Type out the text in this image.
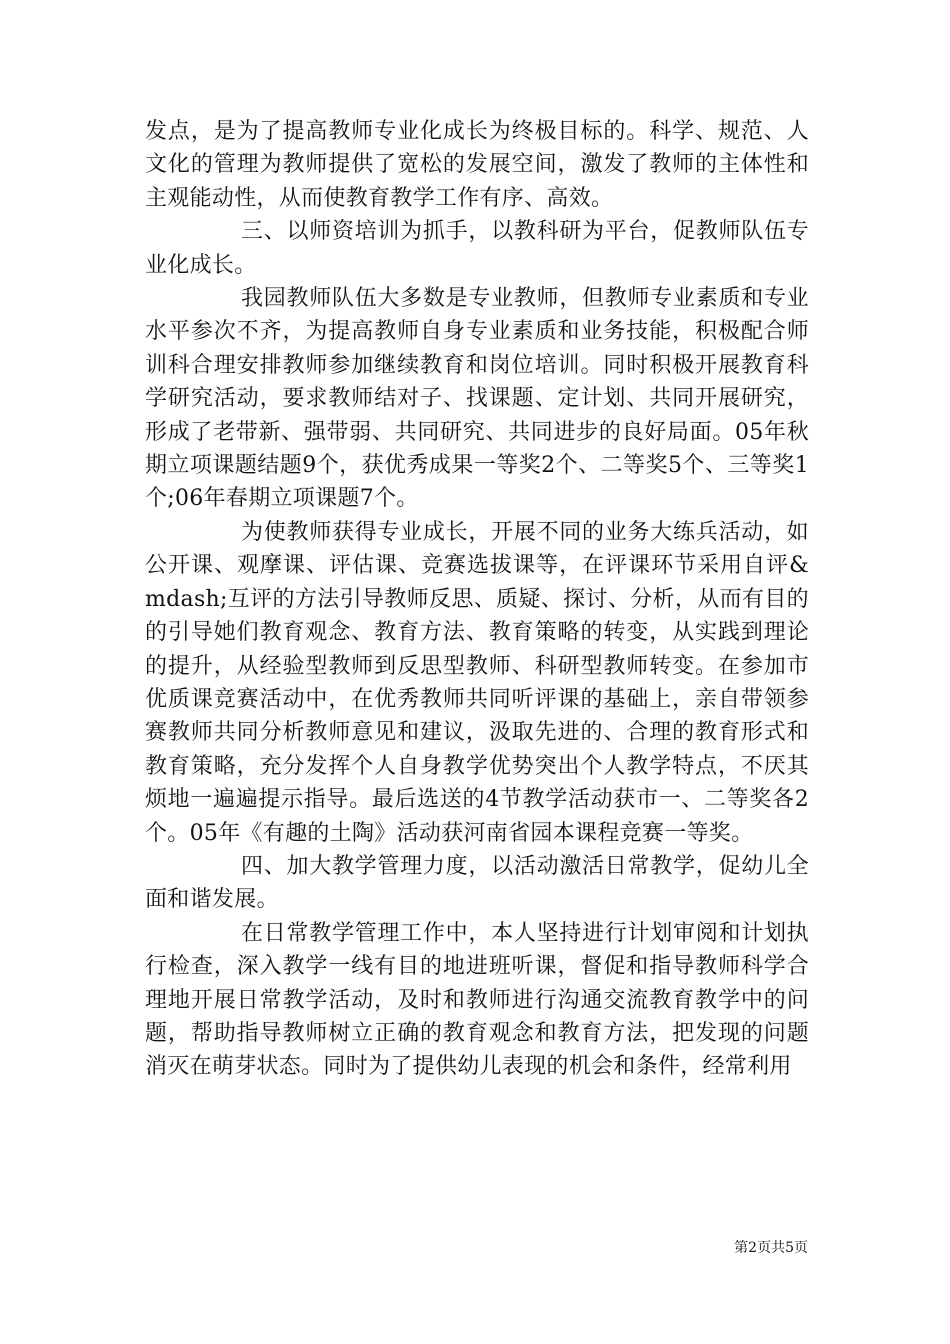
发点，是为了提高教师专业化成长为终极目标的。科学、规范、人文化的管理为教师提供了宽松的发展空间，激发了教师的主体性和主观能动性，从而使教育教学工作有序、高效。

三、以师资培训为抓手，以教科研为平台，促教师队伍专业化成长。

我园教师队伍大多数是专业教师，但教师专业素质和专业水平参次不齐，为提高教师自身专业素质和业务技能，积极配合师训科合理安排教师参加继续教育和岗位培训。同时积极开展教育科学研究活动，要求教师结对子、找课题、定计划、共同开展研究，形成了老带新、强带弱、共同研究、共同进步的良好局面。05年秋期立项课题结题9个，获优秀成果一等奖2个、二等奖5个、三等奖1个;06年春期立项课题7个。

为使教师获得专业成长，开展不同的业务大练兵活动，如公开课、观摩课、评估课、竞赛选拔课等，在评课环节采用自评&mdash;互评的方法引导教师反思、质疑、探讨、分析，从而有目的的引导她们教育观念、教育方法、教育策略的转变，从实践到理论的提升，从经验型教师到反思型教师、科研型教师转变。在参加市优质课竞赛活动中，在优秀教师共同听评课的基础上，亲自带领参赛教师共同分析教师意见和建议，汲取先进的、合理的教育形式和教育策略，充分发挥个人自身教学优势突出个人教学特点，不厌其烦地一遍遍提示指导。最后选送的4节教学活动获市一、二等奖各2个。05年《有趣的土陶》活动获河南省园本课程竞赛一等奖。

四、加大教学管理力度，以活动激活日常教学，促幼儿全面和谐发展。

在日常教学管理工作中，本人坚持进行计划审阅和计划执行检查，深入教学一线有目的地进班听课，督促和指导教师科学合理地开展日常教学活动，及时和教师进行沟通交流教育教学中的问题，帮助指导教师树立正确的教育观念和教育方法，把发现的问题消灭在萌芽状态。同时为了提供幼儿表现的机会和条件，经常利用

第2页共5页
